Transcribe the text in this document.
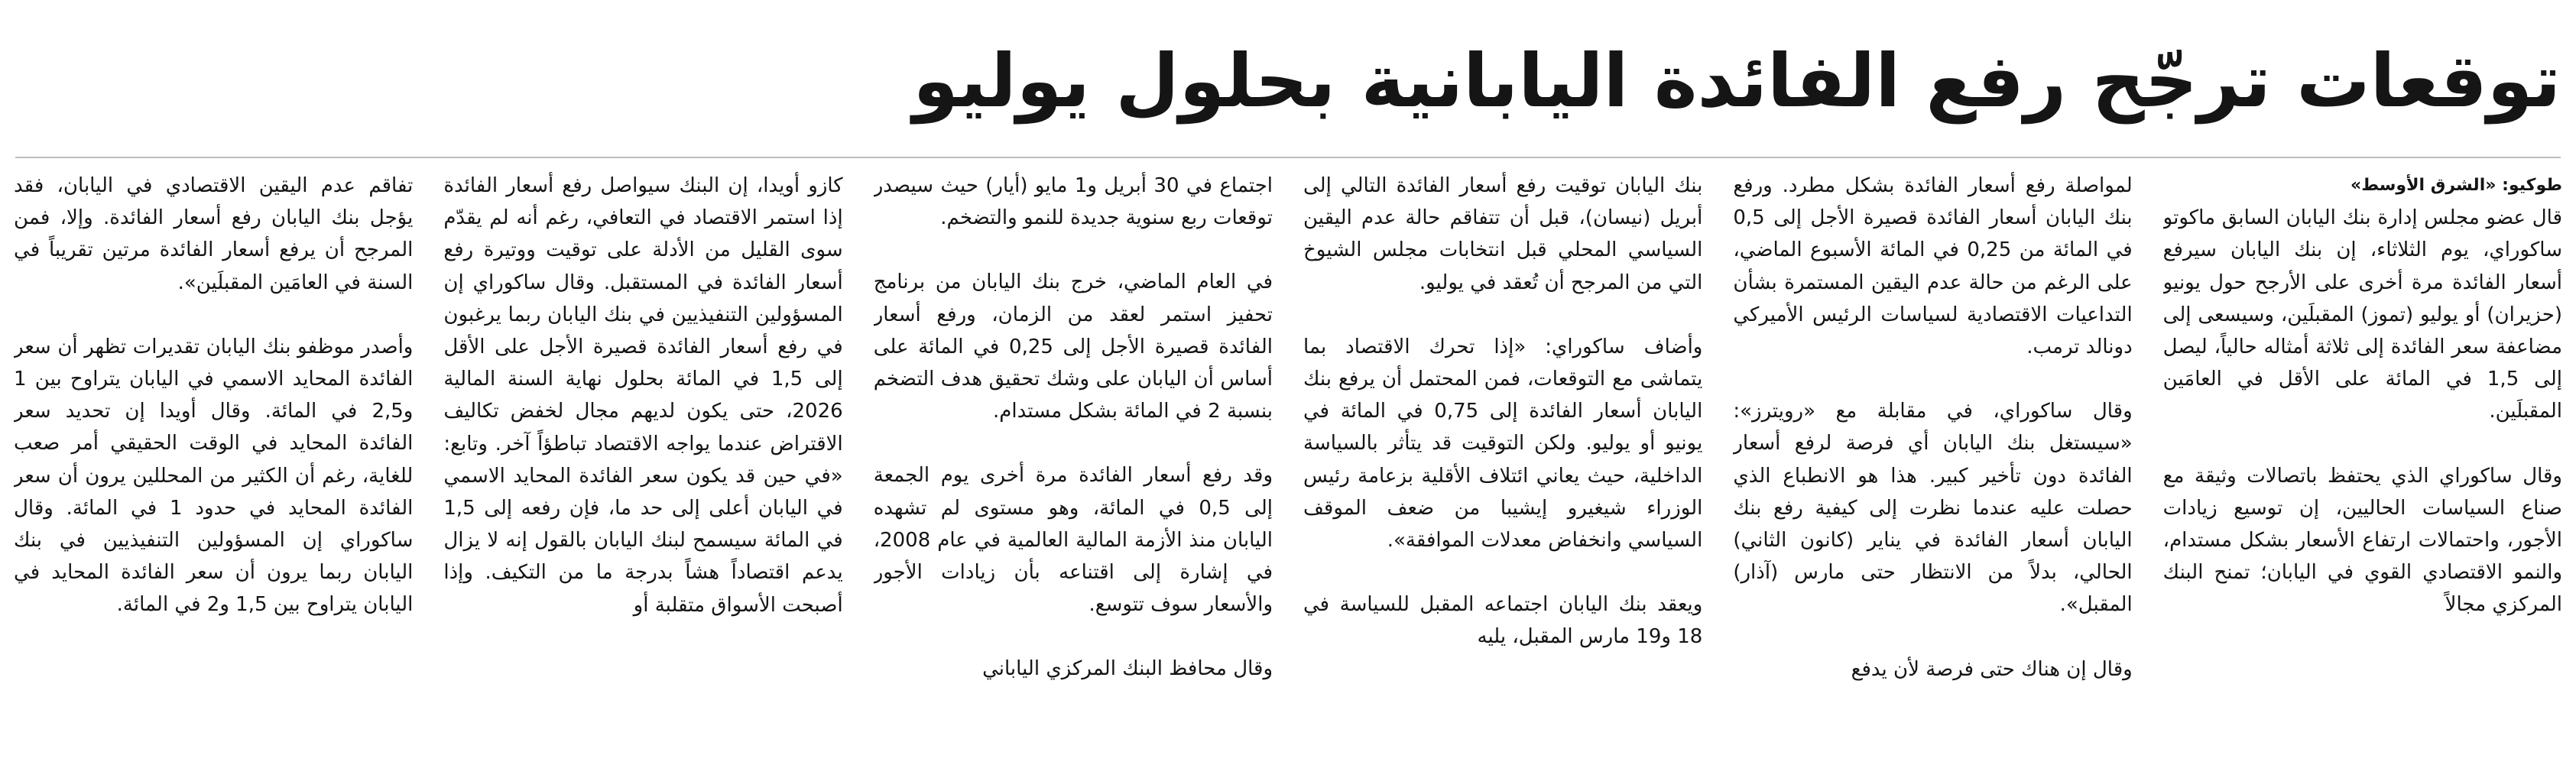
توقعات ترجّح رفع الفائدة اليابانية بحلول يوليو

طوكيو: «الشرق الأوسط»

قال عضو مجلس إدارة بنك اليابان السابق ماكوتو ساكوراي، يوم الثلاثاء، إن بنك اليابان سيرفع أسعار الفائدة مرة أخرى على الأرجح حول يونيو (حزيران) أو يوليو (تموز) المقبلَين، وسيسعى إلى مضاعفة سعر الفائدة إلى ثلاثة أمثاله حالياً، ليصل إلى 1,5 في المائة على الأقل في العامَين المقبلَين.

وقال ساكوراي الذي يحتفظ باتصالات وثيقة مع صناع السياسات الحاليين، إن توسيع زيادات الأجور، واحتمالات ارتفاع الأسعار بشكل مستدام، والنمو الاقتصادي القوي في اليابان؛ تمنح البنك المركزي مجالاً

لمواصلة رفع أسعار الفائدة بشكل مطرد. ورفع بنك اليابان أسعار الفائدة قصيرة الأجل إلى 0,5 في المائة من 0,25 في المائة الأسبوع الماضي، على الرغم من حالة عدم اليقين المستمرة بشأن التداعيات الاقتصادية لسياسات الرئيس الأميركي دونالد ترمب.

وقال ساكوراي، في مقابلة مع «رويترز»: «سيستغل بنك اليابان أي فرصة لرفع أسعار الفائدة دون تأخير كبير. هذا هو الانطباع الذي حصلت عليه عندما نظرت إلى كيفية رفع بنك اليابان أسعار الفائدة في يناير (كانون الثاني) الحالي، بدلاً من الانتظار حتى مارس (آذار) المقبل».

وقال إن هناك حتى فرصة لأن يدفع

بنك اليابان توقيت رفع أسعار الفائدة التالي إلى أبريل (نيسان)، قبل أن تتفاقم حالة عدم اليقين السياسي المحلي قبل انتخابات مجلس الشيوخ التي من المرجح أن تُعقد في يوليو.

وأضاف ساكوراي: «إذا تحرك الاقتصاد بما يتماشى مع التوقعات، فمن المحتمل أن يرفع بنك اليابان أسعار الفائدة إلى 0,75 في المائة في يونيو أو يوليو. ولكن التوقيت قد يتأثر بالسياسة الداخلية، حيث يعاني ائتلاف الأقلية بزعامة رئيس الوزراء شيغيرو إيشيبا من ضعف الموقف السياسي وانخفاض معدلات الموافقة».

ويعقد بنك اليابان اجتماعه المقبل للسياسة في 18 و19 مارس المقبل، يليه

اجتماع في 30 أبريل و1 مايو (أيار) حيث سيصدر توقعات ربع سنوية جديدة للنمو والتضخم.

في العام الماضي، خرج بنك اليابان من برنامج تحفيز استمر لعقد من الزمان، ورفع أسعار الفائدة قصيرة الأجل إلى 0,25 في المائة على أساس أن اليابان على وشك تحقيق هدف التضخم بنسبة 2 في المائة بشكل مستدام.

وقد رفع أسعار الفائدة مرة أخرى يوم الجمعة إلى 0,5 في المائة، وهو مستوى لم تشهده اليابان منذ الأزمة المالية العالمية في عام 2008، في إشارة إلى اقتناعه بأن زيادات الأجور والأسعار سوف تتوسع.

وقال محافظ البنك المركزي الياباني

كازو أويدا، إن البنك سيواصل رفع أسعار الفائدة إذا استمر الاقتصاد في التعافي، رغم أنه لم يقدّم سوى القليل من الأدلة على توقيت ووتيرة رفع أسعار الفائدة في المستقبل. وقال ساكوراي إن المسؤولين التنفيذيين في بنك اليابان ربما يرغبون في رفع أسعار الفائدة قصيرة الأجل على الأقل إلى 1,5 في المائة بحلول نهاية السنة المالية 2026، حتى يكون لديهم مجال لخفض تكاليف الاقتراض عندما يواجه الاقتصاد تباطؤاً آخر. وتابع: «في حين قد يكون سعر الفائدة المحايد الاسمي في اليابان أعلى إلى حد ما، فإن رفعه إلى 1,5 في المائة سيسمح لبنك اليابان بالقول إنه لا يزال يدعم اقتصاداً هشاً بدرجة ما من التكيف. وإذا أصبحت الأسواق متقلبة أو

تفاقم عدم اليقين الاقتصادي في اليابان، فقد يؤجل بنك اليابان رفع أسعار الفائدة. وإلا، فمن المرجح أن يرفع أسعار الفائدة مرتين تقريباً في السنة في العامَين المقبلَين».

وأصدر موظفو بنك اليابان تقديرات تظهر أن سعر الفائدة المحايد الاسمي في اليابان يتراوح بين 1 و2,5 في المائة. وقال أويدا إن تحديد سعر الفائدة المحايد في الوقت الحقيقي أمر صعب للغاية، رغم أن الكثير من المحللين يرون أن سعر الفائدة المحايد في حدود 1 في المائة. وقال ساكوراي إن المسؤولين التنفيذيين في بنك اليابان ربما يرون أن سعر الفائدة المحايد في اليابان يتراوح بين 1,5 و2 في المائة.
